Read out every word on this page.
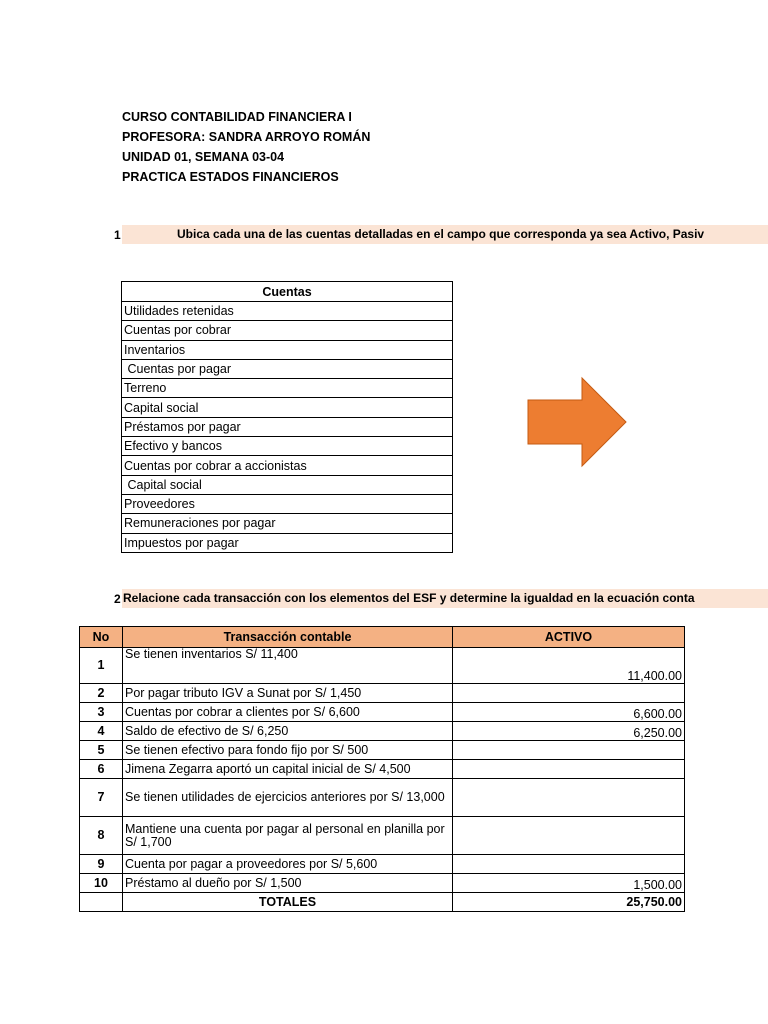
CURSO CONTABILIDAD FINANCIERA I
PROFESORA: SANDRA ARROYO ROMÁN
UNIDAD 01, SEMANA 03-04
PRACTICA ESTADOS FINANCIEROS
1	Ubica cada una de las cuentas detalladas en el campo que corresponda ya sea Activo, Pasiv
Cuentas
Utilidades retenidas
Cuentas por cobrar
Inventarios
Cuentas por pagar
Terreno
Capital social
Préstamos por pagar
Efectivo y bancos
Cuentas por cobrar a accionistas
Capital social
Proveedores
Remuneraciones por pagar
Impuestos por pagar
2 Relacione cada transacción con los elementos del ESF y determine la igualdad en la ecuación conta
No	Transacción contable	ACTIVO
1	Se tienen inventarios S/ 11,400	11,400.00
2	Por pagar tributo IGV a Sunat por S/ 1,450	
3	Cuentas por cobrar a clientes por S/ 6,600	6,600.00
4	Saldo de efectivo de S/ 6,250	6,250.00
5	Se tienen efectivo para fondo fijo por S/ 500	
6	Jimena Zegarra aportó un capital inicial de S/ 4,500	
7	Se tienen utilidades de ejercicios anteriores por S/ 13,000	
8	Mantiene una cuenta por pagar al personal en planilla por S/ 1,700	
9	Cuenta por pagar a proveedores por S/ 5,600	
10	Préstamo al dueño por S/ 1,500	1,500.00
	TOTALES	25,750.00
